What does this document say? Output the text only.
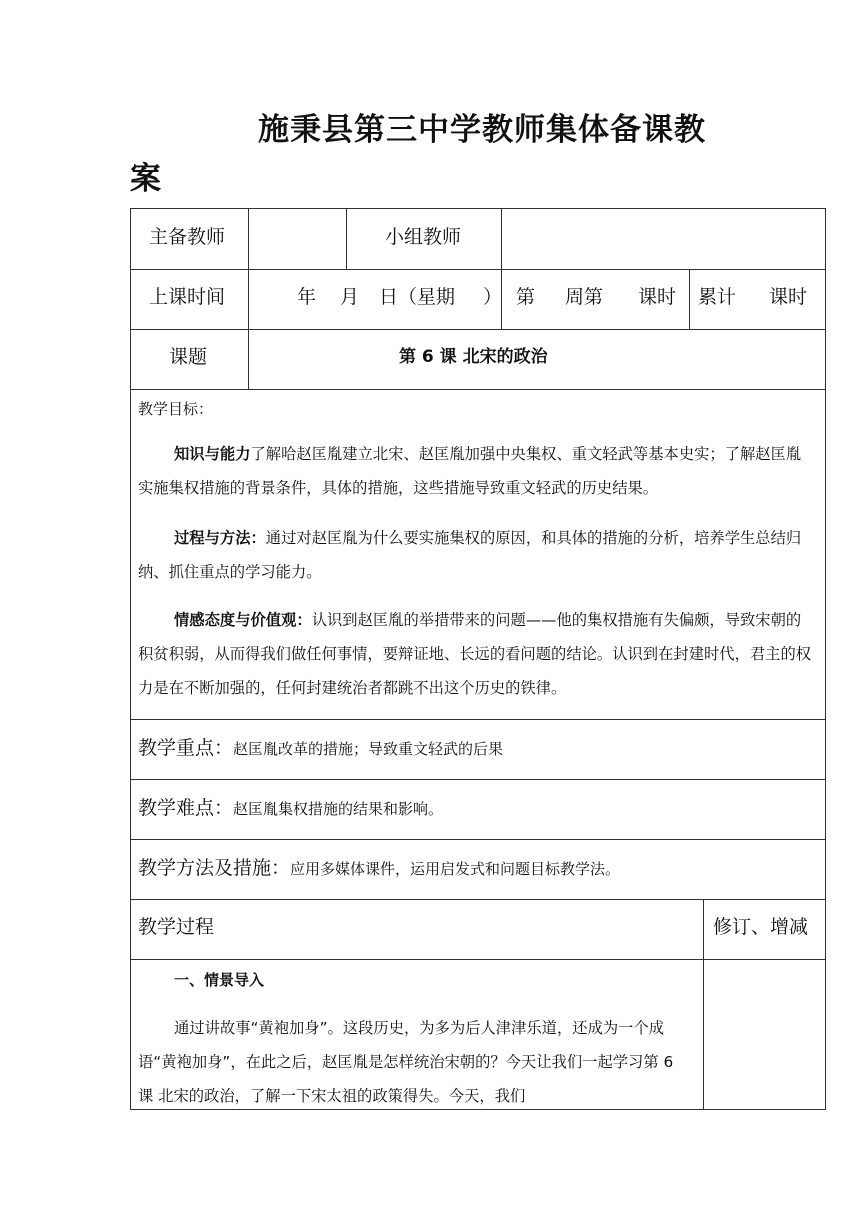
施秉县第三中学教师集体备课教
案
主备教师	小组教师
上课时间	年 月 日（星期 ） 第 周第 课时 累计 课时
课题	第 6 课 北宋的政治
教学目标：
知识与能力了解哈赵匡胤建立北宋、赵匡胤加强中央集权、重文轻武等基本史实；了解赵匡胤实施集权措施的背景条件，具体的措施，这些措施导致重文轻武的历史结果。
过程与方法：通过对赵匡胤为什么要实施集权的原因，和具体的措施的分析，培养学生总结归纳、抓住重点的学习能力。
情感态度与价值观：认识到赵匡胤的举措带来的问题——他的集权措施有失偏颇，导致宋朝的积贫积弱，从而得我们做任何事情，要辩证地、长远的看问题的结论。认识到在封建时代，君主的权力是在不断加强的，任何封建统治者都跳不出这个历史的铁律。
教学重点：赵匡胤改革的措施；导致重文轻武的后果
教学难点：赵匡胤集权措施的结果和影响。
教学方法及措施：应用多媒体课件，运用启发式和问题目标教学法。
教学过程	修订、增减
一、情景导入
通过讲故事“黄袍加身”。这段历史，为多为后人津津乐道，还成为一个成语“黄袍加身”，在此之后，赵匡胤是怎样统治宋朝的？今天让我们一起学习第 6 课 北宋的政治，了解一下宋太祖的政策得失。今天，我们
